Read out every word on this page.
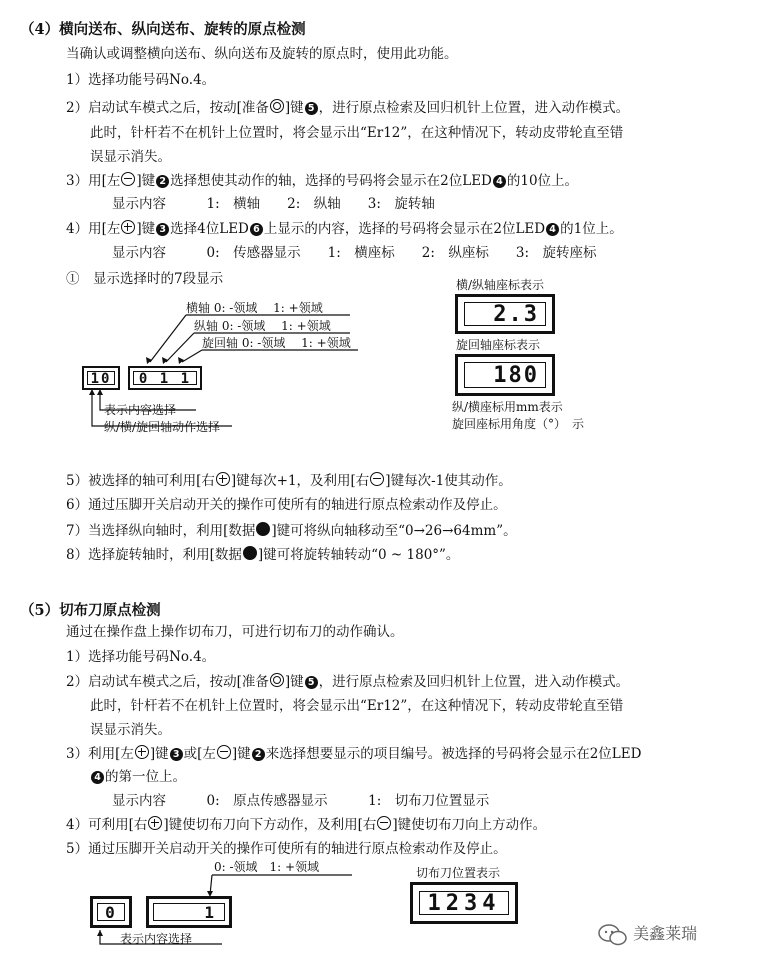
（4）横向送布、纵向送布、旋转的原点检测
当确认或调整横向送布、纵向送布及旋转的原点时，使用此功能。
1）选择功能号码No.4。
2）启动试车模式之后，按动[准备 ]键 5 ，进行原点检索及回归机针上位置，进入动作模式。
此时，针杆若不在机针上位置时，将会显示出“Er12”，在这种情况下，转动皮带轮直至错
误显示消失。
3）用[左 ]键 2 选择想使其动作的轴，选择的号码将会显示在2位LED 4 的10位上。
显示内容　　　1:　横轴　　2:　纵轴　　3:　旋转轴
4）用[左 ]键 3 选择4位LED 6 上显示的内容，选择的号码将会显示在2位LED 4 的1位上。
显示内容　　　0:　传感器显示　　1:　横座标　　2:　纵座标　　3:　旋转座标
①　显示选择时的7段显示
横轴 0: -领域　 1: +领域
纵轴 0: -领域　 1: +领域
旋回轴 0: -领域　 1: +领域
10	0 1 1
表示内容选择
纵/横/旋回轴动作选择
横/纵轴座标表示
2.3
旋回轴座标表示
180
纵/横座标用mm表示
旋回座标用角度（°）　示
5）被选择的轴可利用[右 ]键每次+1，及利用[右 ]键每次-1使其动作。
6）通过压脚开关启动开关的操作可使所有的轴进行原点检索动作及停止。
7）当选择纵向轴时，利用[数据 ]键可将纵向轴移动至“0→26→64mm”。
8）选择旋转轴时，利用[数据 ]键可将旋转轴转动“0 ~ 180°”。
（5）切布刀原点检测
通过在操作盘上操作切布刀，可进行切布刀的动作确认。
1）选择功能号码No.4。
2）启动试车模式之后，按动[准备 ]键 5 ，进行原点检索及回归机针上位置，进入动作模式。
此时，针杆若不在机针上位置时，将会显示出“Er12”，在这种情况下，转动皮带轮直至错
误显示消失。
3）利用[左 ]键 3 或[左 ]键 2 来选择想要显示的项目编号。被选择的号码将会显示在2位LED
4 的第一位上。
显示内容　　　0:　原点传感器显示　　　1:　切布刀位置显示
4）可利用[右 ]键使切布刀向下方动作，及利用[右 ]键使切布刀向上方动作。
5）通过压脚开关启动开关的操作可使所有的轴进行原点检索动作及停止。
0: -领域　1: +领域
0	1
表示内容选择
切布刀位置表示
1234
美鑫莱瑞
